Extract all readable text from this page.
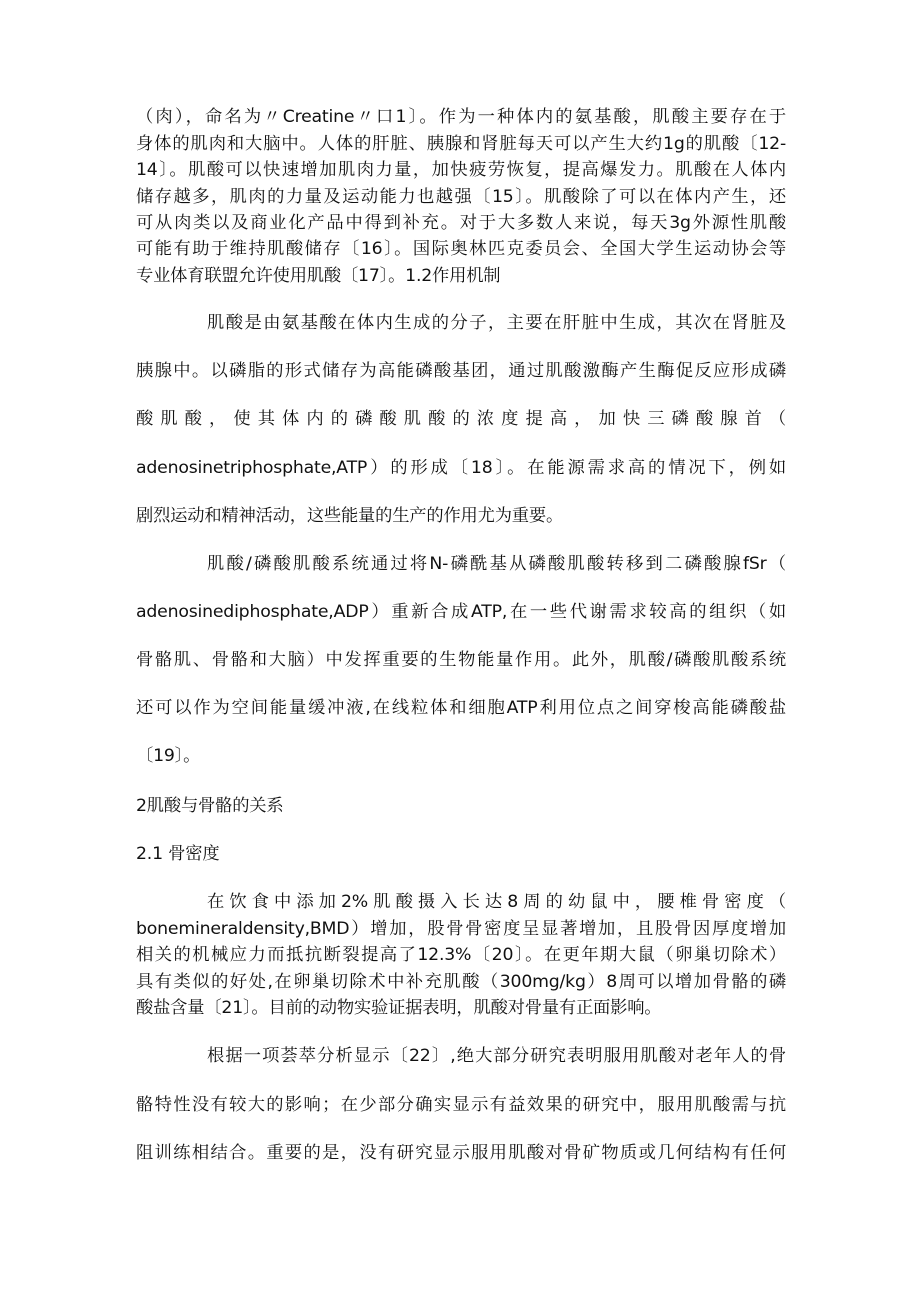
（肉），命名为〃Creatine〃口1〕。作为一种体内的氨基酸，肌酸主要存在于
身体的肌肉和大脑中。人体的肝脏、胰腺和肾脏每天可以产生大约1g的肌酸〔12-
14〕。肌酸可以快速增加肌肉力量，加快疲劳恢复，提高爆发力。肌酸在人体内
储存越多，肌肉的力量及运动能力也越强〔15〕。肌酸除了可以在体内产生，还
可从肉类以及商业化产品中得到补充。对于大多数人来说，每天3g外源性肌酸
可能有助于维持肌酸储存〔16〕。国际奥林匹克委员会、全国大学生运动协会等
专业体育联盟允许使用肌酸〔17〕。1.2作用机制
肌酸是由氨基酸在体内生成的分子，主要在肝脏中生成，其次在肾脏及
胰腺中。以磷脂的形式储存为高能磷酸基团，通过肌酸激酶产生酶促反应形成磷
酸肌酸，使其体内的磷酸肌酸的浓度提高，加快三磷酸腺首（
adenosinetriphosphate,ATP）的形成〔18〕。在能源需求高的情况下，例如
剧烈运动和精神活动，这些能量的生产的作用尤为重要。
肌酸/磷酸肌酸系统通过将N-磷酰基从磷酸肌酸转移到二磷酸腺fSr（
adenosinediphosphate,ADP）重新合成ATP,在一些代谢需求较高的组织（如
骨骼肌、骨骼和大脑）中发挥重要的生物能量作用。此外，肌酸/磷酸肌酸系统
还可以作为空间能量缓冲液,在线粒体和细胞ATP利用位点之间穿梭高能磷酸盐
〔19〕。
2肌酸与骨骼的关系
2.1 骨密度
在饮食中添加2%肌酸摄入长达8周的幼鼠中，腰椎骨密度（
bonemineraldensity,BMD）增加，股骨骨密度呈显著增加，且股骨因厚度增加
相关的机械应力而抵抗断裂提高了12.3%〔20〕。在更年期大鼠（卵巢切除术）
具有类似的好处,在卵巢切除术中补充肌酸（300mg/kg）8周可以增加骨骼的磷
酸盐含量〔21〕。目前的动物实验证据表明，肌酸对骨量有正面影响。
根据一项荟萃分析显示〔22〕,绝大部分研究表明服用肌酸对老年人的骨
骼特性没有较大的影响；在少部分确实显示有益效果的研究中，服用肌酸需与抗
阻训练相结合。重要的是，没有研究显示服用肌酸对骨矿物质或几何结构有任何
